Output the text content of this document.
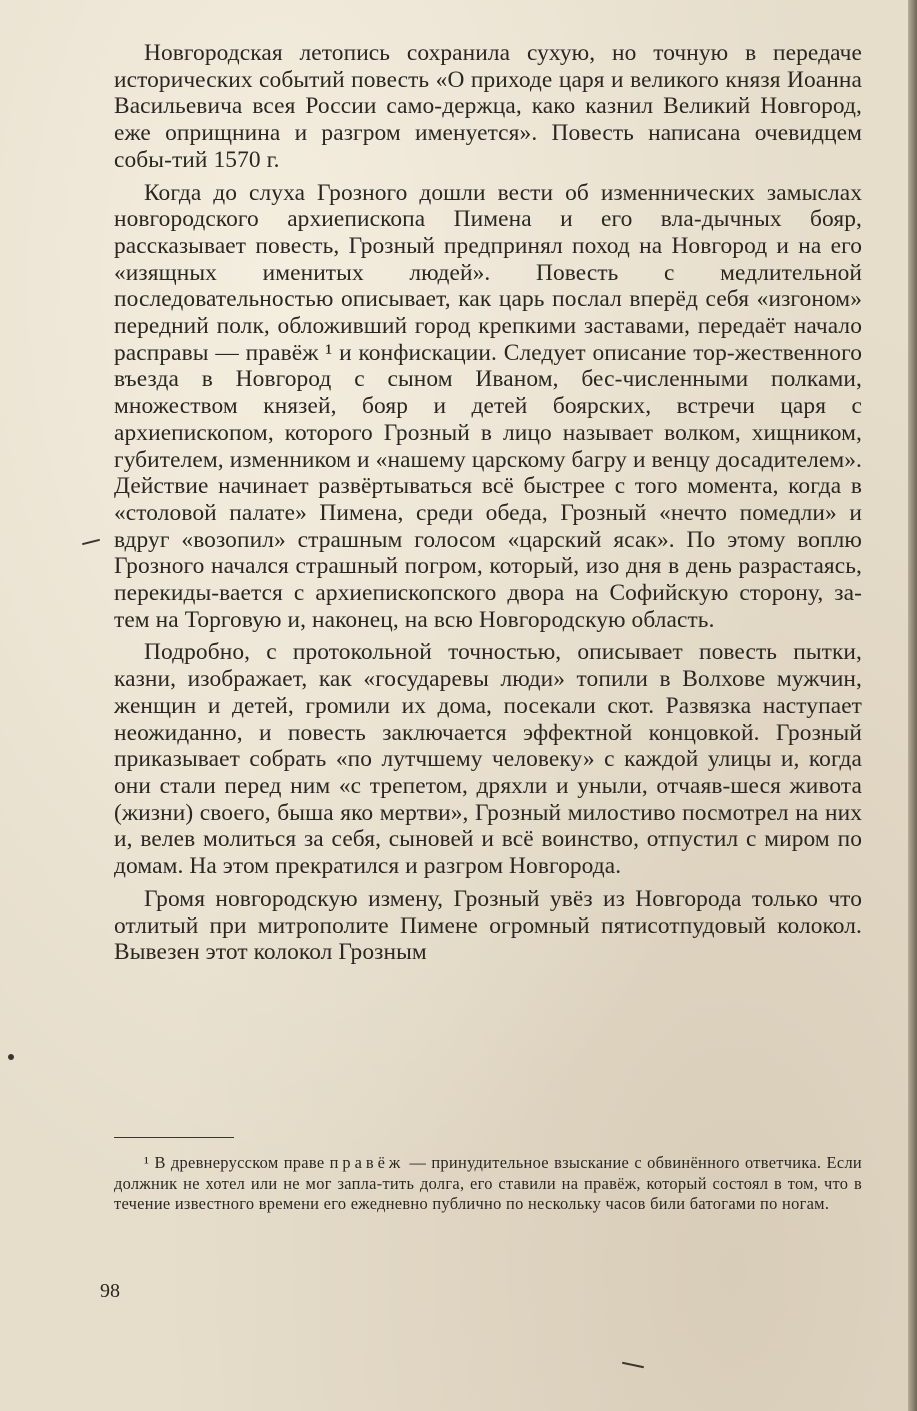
Новгородская летопись сохранила сухую, но точную в передаче исторических событий повесть «О приходе царя и великого князя Иоанна Васильевича всея России само-держца, како казнил Великий Новгород, еже оприщнина и разгром именуется». Повесть написана очевидцем собы-тий 1570 г.

Когда до слуха Грозного дошли вести об изменнических замыслах новгородского архиепископа Пимена и его вла-дычных бояр, рассказывает повесть, Грозный предпринял поход на Новгород и на его «изящных именитых людей». Повесть с медлительной последовательностью описывает, как царь послал вперёд себя «изгоном» передний полк, обложивший город крепкими заставами, передаёт начало расправы — правёж ¹ и конфискации. Следует описание тор-жественного въезда в Новгород с сыном Иваном, бес-численными полками, множеством князей, бояр и детей боярских, встречи царя с архиепископом, которого Грозный в лицо называет волком, хищником, губителем, изменником и «нашему царскому багру и венцу досадителем». Действие начинает развёртываться всё быстрее с того момента, когда в «столовой палате» Пимена, среди обеда, Грозный «нечто помедли» и вдруг «возопил» страшным голосом «царский ясак». По этому воплю Грозного начался страшный погром, который, изо дня в день разрастаясь, перекиды-вается с архиепископского двора на Софийскую сторону, за-тем на Торговую и, наконец, на всю Новгородскую область.

Подробно, с протокольной точностью, описывает повесть пытки, казни, изображает, как «государевы люди» топили в Волхове мужчин, женщин и детей, громили их дома, посекали скот. Развязка наступает неожиданно, и повесть заключается эффектной концовкой. Грозный приказывает собрать «по лутчшему человеку» с каждой улицы и, когда они стали перед ним «с трепетом, дряхли и уныли, отчаяв-шеся живота (жизни) своего, быша яко мертви», Грозный милостиво посмотрел на них и, велев молиться за себя, сыновей и всё воинство, отпустил с миром по домам. На этом прекратился и разгром Новгорода.

Громя новгородскую измену, Грозный увёз из Новгорода только что отлитый при митрополите Пимене огромный пятисотпудовый колокол. Вывезен этот колокол Грозным

¹ В древнерусском праве правёж — принудительное взыскание с обвинённого ответчика. Если должник не хотел или не мог запла-тить долга, его ставили на правёж, который состоял в том, что в течение известного времени его ежедневно публично по нескольку часов били батогами по ногам.
98
